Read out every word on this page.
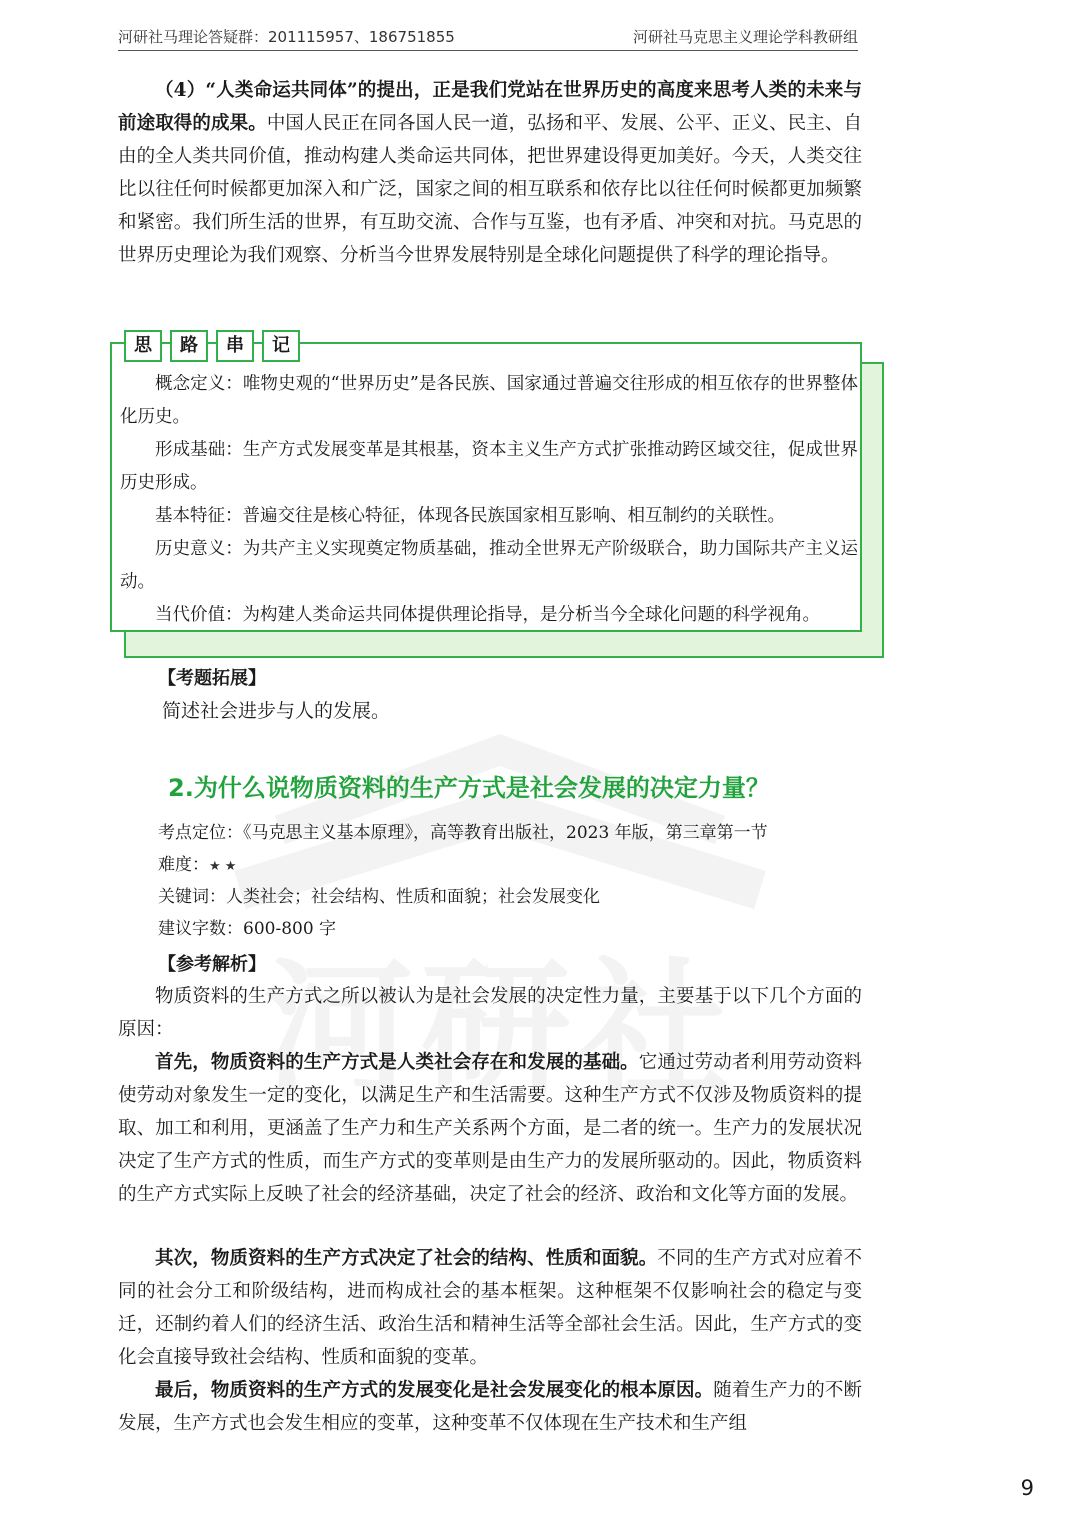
河研社马理论答疑群：201115957、186751855	河研社马克思主义理论学科教研组

（4）“人类命运共同体”的提出，正是我们党站在世界历史的高度来思考人类的未来与前途取得的成果。中国人民正在同各国人民一道，弘扬和平、发展、公平、正义、民主、自由的全人类共同价值，推动构建人类命运共同体，把世界建设得更加美好。今天，人类交往比以往任何时候都更加深入和广泛，国家之间的相互联系和依存比以往任何时候都更加频繁和紧密。我们所生活的世界，有互助交流、合作与互鉴，也有矛盾、冲突和对抗。马克思的世界历史理论为我们观察、分析当今世界发展特别是全球化问题提供了科学的理论指导。

概念定义：唯物史观的“世界历史”是各民族、国家通过普遍交往形成的相互依存的世界整体化历史。

形成基础：生产方式发展变革是其根基，资本主义生产方式扩张推动跨区域交往，促成世界历史形成。

基本特征：普遍交往是核心特征，体现各民族国家相互影响、相互制约的关联性。

历史意义：为共产主义实现奠定物质基础，推动全世界无产阶级联合，助力国际共产主义运动。

当代价值：为构建人类命运共同体提供理论指导，是分析当今全球化问题的科学视角。

思	路	串	记
【考题拓展】
简述社会进步与人的发展。
2.为什么说物质资料的生产方式是社会发展的决定力量？
考点定位：《马克思主义基本原理》，高等教育出版社，2023 年版，第三章第一节
难度：★ ★
关键词：人类社会；社会结构、性质和面貌；社会发展变化
建议字数：600-800 字
【参考解析】

物质资料的生产方式之所以被认为是社会发展的决定性力量，主要基于以下几个方面的原因：

首先，物质资料的生产方式是人类社会存在和发展的基础。它通过劳动者利用劳动资料使劳动对象发生一定的变化，以满足生产和生活需要。这种生产方式不仅涉及物质资料的提取、加工和利用，更涵盖了生产力和生产关系两个方面，是二者的统一。生产力的发展状况决定了生产方式的性质，而生产方式的变革则是由生产力的发展所驱动的。因此，物质资料的生产方式实际上反映了社会的经济基础，决定了社会的经济、政治和文化等方面的发展。

其次，物质资料的生产方式决定了社会的结构、性质和面貌。不同的生产方式对应着不同的社会分工和阶级结构，进而构成社会的基本框架。这种框架不仅影响社会的稳定与变迁，还制约着人们的经济生活、政治生活和精神生活等全部社会生活。因此，生产方式的变化会直接导致社会结构、性质和面貌的变革。

最后，物质资料的生产方式的发展变化是社会发展变化的根本原因。随着生产力的不断发展，生产方式也会发生相应的变革，这种变革不仅体现在生产技术和生产组

9
